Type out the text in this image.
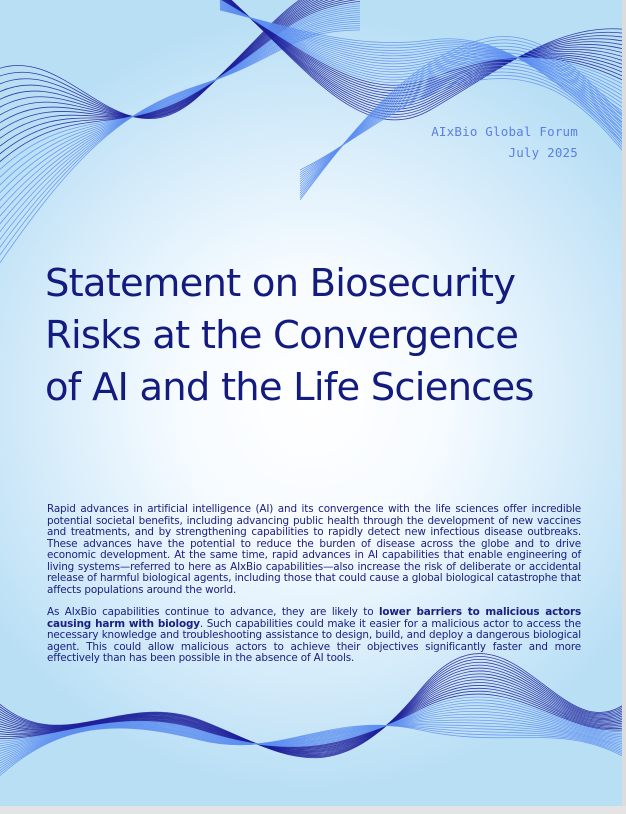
AIxBio Global Forum
July 2025
Statement on Biosecurity
Risks at the Convergence
of AI and the Life Sciences

Rapid advances in artificial intelligence (AI) and its convergence with the life sciences offer incredible potential societal benefits, including advancing public health through the development of new vaccines and treatments, and by strengthening capabilities to rapidly detect new infectious disease outbreaks. These advances have the potential to reduce the burden of disease across the globe and to drive economic development. At the same time, rapid advances in AI capabilities that enable engineering of living systems—referred to here as AIxBio capabilities—also increase the risk of deliberate or accidental release of harmful biological agents, including those that could cause a global biological catastrophe that affects populations around the world.

As AIxBio capabilities continue to advance, they are likely to lower barriers to malicious actors causing harm with biology. Such capabilities could make it easier for a malicious actor to access the necessary knowledge and troubleshooting assistance to design, build, and deploy a dangerous biological agent. This could allow malicious actors to achieve their objectives significantly faster and more effectively than has been possible in the absence of AI tools.
